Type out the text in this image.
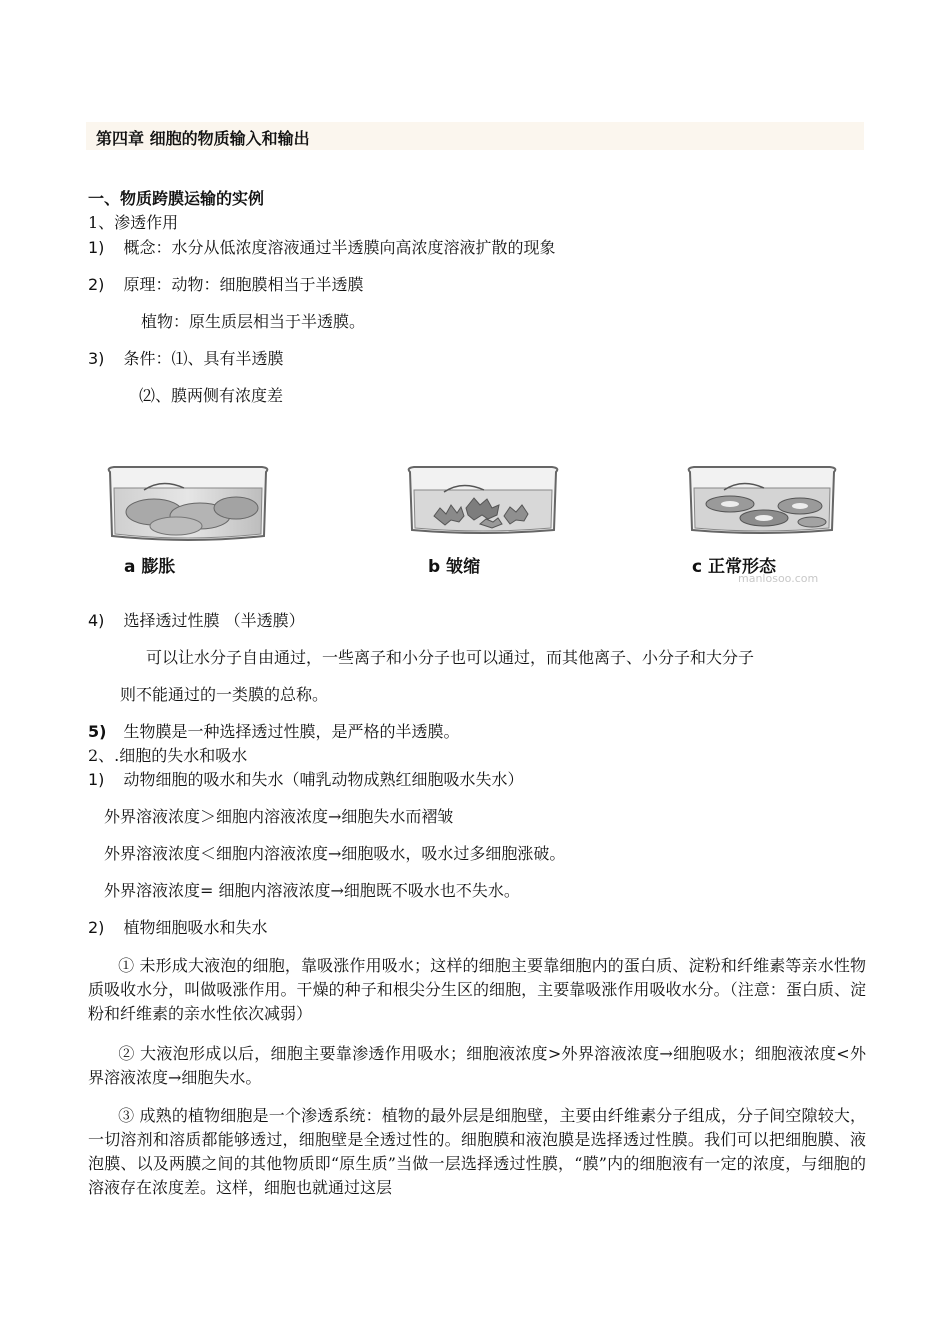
第四章 细胞的物质输入和输出
一、物质跨膜运输的实例
1、渗透作用
1) 概念：水分从低浓度溶液通过半透膜向高浓度溶液扩散的现象
2) 原理：动物：细胞膜相当于半透膜
植物：原生质层相当于半透膜。
3) 条件：⑴、具有半透膜
⑵、膜两侧有浓度差
a 膨胀	b 皱缩	c 正常形态
manlosoo.com
4) 选择透过性膜 （半透膜）
可以让水分子自由通过，一些离子和小分子也可以通过，而其他离子、小分子和大分子
则不能通过的一类膜的总称。
5) 生物膜是一种选择透过性膜，是严格的半透膜。
2、.细胞的失水和吸水
1) 动物细胞的吸水和失水（哺乳动物成熟红细胞吸水失水）
外界溶液浓度＞细胞内溶液浓度→细胞失水而褶皱
外界溶液浓度＜细胞内溶液浓度→细胞吸水，吸水过多细胞涨破。
外界溶液浓度= 细胞内溶液浓度→细胞既不吸水也不失水。
2) 植物细胞吸水和失水
① 未形成大液泡的细胞，靠吸涨作用吸水；这样的细胞主要靠细胞内的蛋白质、淀粉和纤维素等亲水性物质吸收水分，叫做吸涨作用。干燥的种子和根尖分生区的细胞，主要靠吸涨作用吸收水分。（注意：蛋白质、淀粉和纤维素的亲水性依次减弱）
② 大液泡形成以后，细胞主要靠渗透作用吸水；细胞液浓度>外界溶液浓度→细胞吸水；细胞液浓度<外界溶液浓度→细胞失水。
③ 成熟的植物细胞是一个渗透系统：植物的最外层是细胞壁，主要由纤维素分子组成，分子间空隙较大，一切溶剂和溶质都能够透过，细胞壁是全透过性的。细胞膜和液泡膜是选择透过性膜。我们可以把细胞膜、液泡膜、以及两膜之间的其他物质即“原生质”当做一层选择透过性膜，“膜”内的细胞液有一定的浓度，与细胞的溶液存在浓度差。这样，细胞也就通过这层
